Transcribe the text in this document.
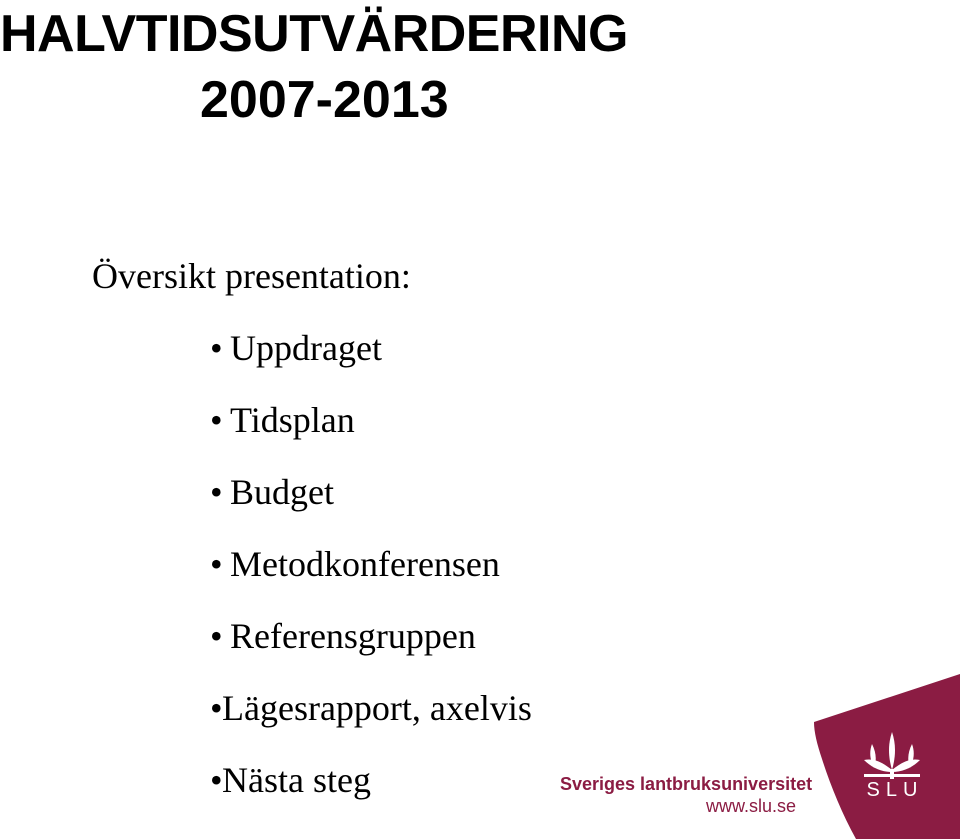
HALVTIDSUTVÄRDERING
2007-2013

Översikt presentation:

• Uppdraget
• Tidsplan
• Budget
• Metodkonferensen
• Referensgruppen
•Lägesrapport, axelvis
•Nästa steg	Sveriges lantbruksuniversitet
www.slu.se
SLU
